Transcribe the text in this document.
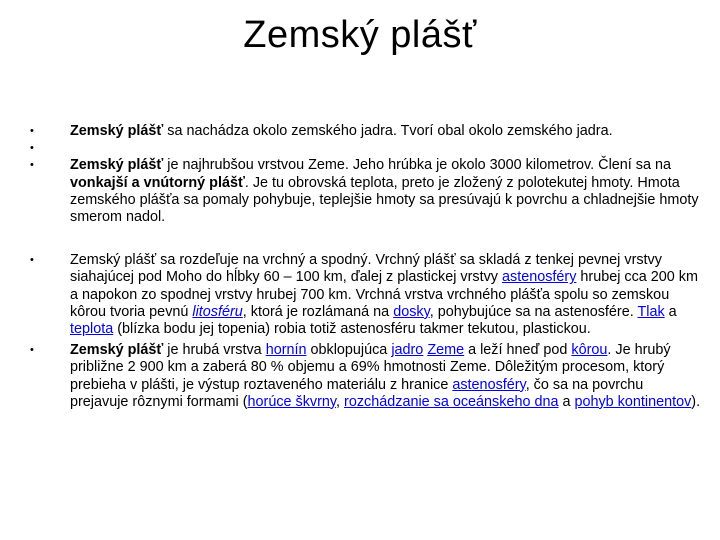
Zemský plášť
•	Zemský plášť sa nachádza okolo zemského jadra. Tvorí obal okolo zemského jadra.
•

•	Zemský plášť je najhrubšou vrstvou Zeme. Jeho hrúbka je okolo 3000 kilometrov. Člení sa na vonkajší a vnútorný plášť. Je tu obrovská teplota, preto je zložený z polotekutej hmoty. Hmota zemského plášťa sa pomaly pohybuje, teplejšie hmoty sa presúvajú k povrchu a chladnejšie hmoty smerom nadol.
•	Zemský plášť sa rozdeľuje na vrchný a spodný. Vrchný plášť sa skladá z tenkej pevnej vrstvy siahajúcej pod Moho do hĺbky 60 – 100 km, ďalej z plastickej vrstvy astenosféry hrubej cca 200 km a napokon zo spodnej vrstvy hrubej 700 km. Vrchná vrstva vrchného plášťa spolu so zemskou kôrou tvoria pevnú litosféru, ktorá je rozlámaná na dosky, pohybujúce sa na astenosfére. Tlak a teplota (blízka bodu jej topenia) robia totiž astenosféru takmer tekutou, plastickou.
•	Zemský plášť je hrubá vrstva hornín obklopujúca jadro Zeme a leží hneď pod kôrou. Je hrubý približne 2 900 km a zaberá 80 % objemu a 69% hmotnosti Zeme. Dôležitým procesom, ktorý prebieha v plášti, je výstup roztaveného materiálu z hranice astenosféry, čo sa na povrchu prejavuje rôznymi formami (horúce škvrny, rozchádzanie sa oceánskeho dna a pohyb kontinentov).
